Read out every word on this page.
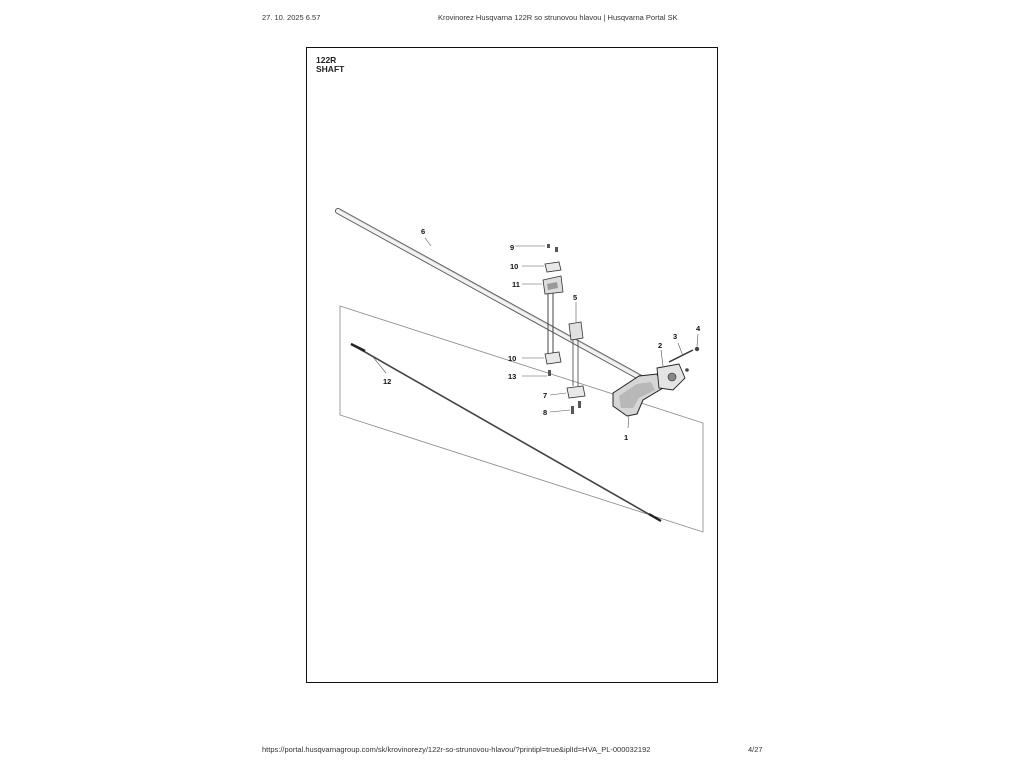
27. 10. 2025 6.57	Krovinorez Husqvarna 122R so strunovou hlavou | Husqvarna Portal SK
122R
SHAFT
1
2
3
4
5
6
7
8
9
10
11
10
12
13
https://portal.husqvarnagroup.com/sk/krovinorezy/122r-so-strunovou-hlavou/?printipl=true&iplId=HVA_PL-000032192	4/27
